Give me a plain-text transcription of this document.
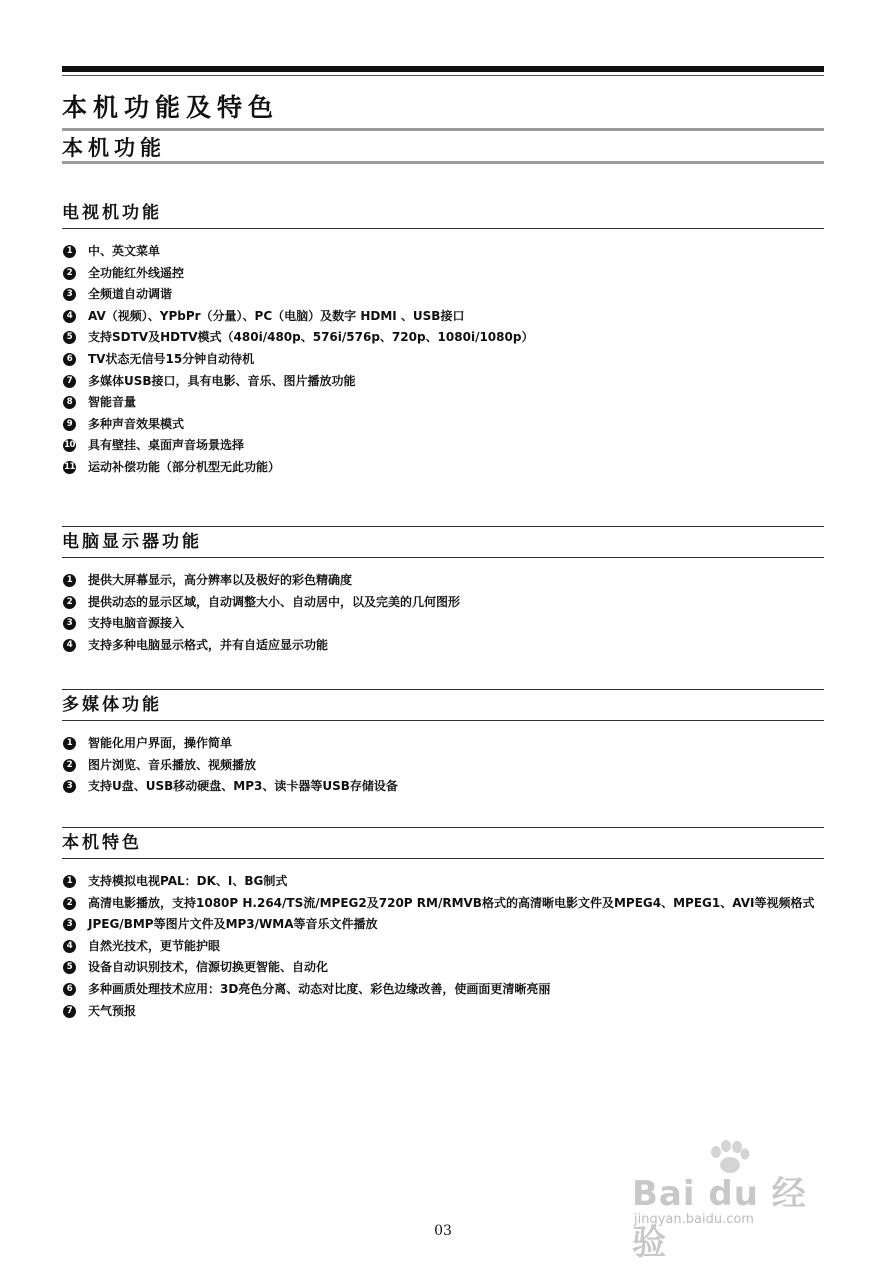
本机功能及特色
本机功能
电视机功能
1	中、英文菜单
2	全功能红外线遥控
3	全频道自动调谐
4	AV（视频）、YPbPr（分量）、PC（电脑）及数字 HDMI 、USB接口
5	支持SDTV及HDTV模式（480i/480p、576i/576p、720p、1080i/1080p）
6	TV状态无信号15分钟自动待机
7	多媒体USB接口，具有电影、音乐、图片播放功能
8	智能音量
9	多种声音效果模式
10 具有壁挂、桌面声音场景选择
11 运动补偿功能（部分机型无此功能）
电脑显示器功能
1	提供大屏幕显示，高分辨率以及极好的彩色精确度
2	提供动态的显示区域，自动调整大小、自动居中，以及完美的几何图形
3	支持电脑音源接入
4	支持多种电脑显示格式，并有自适应显示功能
多媒体功能
1	智能化用户界面，操作简单
2	图片浏览、音乐播放、视频播放
3	支持U盘、USB移动硬盘、MP3、读卡器等USB存储设备
本机特色
1	支持模拟电视PAL：DK、I、BG制式
2	高清电影播放，支持1080P H.264/TS流/MPEG2及720P RM/RMVB格式的高清晰电影文件及MPEG4、MPEG1、AVI等视频格式
3	JPEG/BMP等图片文件及MP3/WMA等音乐文件播放
4	自然光技术，更节能护眼
5	设备自动识别技术，信源切换更智能、自动化
6	多种画质处理技术应用：3D亮色分离、动态对比度、彩色边缘改善，使画面更清晰亮丽
7	天气预报
Bai du 经验
jingyan.baidu.com
03
